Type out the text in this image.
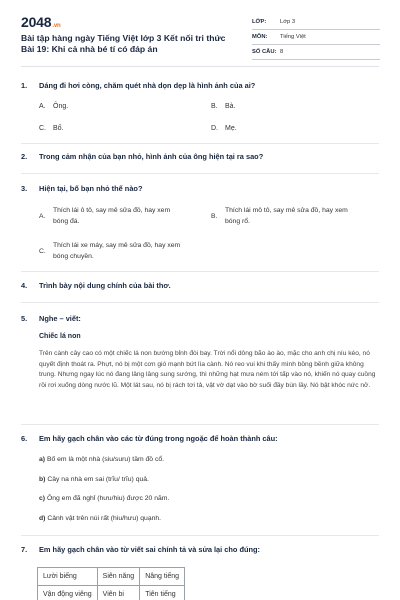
2048.vn
Bài tập hàng ngày Tiếng Việt lớp 3 Kết nối tri thức Bài 19: Khi cả nhà bé tí có đáp án
LỚP:	Lớp 3
MÔN:	Tiếng Việt
SỐ CÂU: 8
1.	Dáng đi hơi còng, chăm quét nhà dọn dẹp là hình ảnh của ai?
A. Ông.	B. Bà.
C. Bố.	D. Mẹ.
2.	Trong cảm nhận của bạn nhỏ, hình ảnh của ông hiện tại ra sao?
3.	Hiện tại, bố bạn nhỏ thế nào?
A.
Thích lái ô tô, say mê sửa đồ, hay xem
bóng đá.
B.
Thích lái mô tô, say mê sửa đồ, hay xem
bóng rổ.
C.
Thích lái xe máy, say mê sửa đồ, hay xem
bóng chuyền.
4.	Trình bày nội dung chính của bài thơ.
5.	Nghe – viết:
Chiếc lá non
Trên cành cây cao có một chiếc lá non bướng bỉnh đòi bay. Trời nổi dông bão ào ào, mặc cho anh chị níu kéo, nó quyết định thoát ra. Phựt, nó bị một cơn gió mạnh bứt lìa cành. Nó reo vui khi thấy mình bồng bềnh giữa không trung. Nhưng ngay lúc nó đang lâng lâng sung sướng, thì những hạt mưa ném tới tấp vào nó, khiến nó quay cuồng rồi rơi xuống dòng nước lũ. Một lát sau, nó bị rách tơi tả, vật vờ dạt vào bờ suối đầy bùn lầy. Nó bật khóc nức nở.
6.	Em hãy gạch chân vào các từ đúng trong ngoặc để hoàn thành câu:
a) Bố em là một nhà (siu/suru) tầm đồ cổ.
b) Cây na nhà em sai (trĩu/ trĩu) quả.
c) Ông em đã nghỉ (hưu/hiu) được 20 năm.
d) Cảnh vật trên núi rất (hiu/hưu) quạnh.
7.	Em hãy gạch chân vào từ viết sai chính tả và sửa lại cho đúng:
Lười biếng	Siên năng	Nâng tiếng
Vận động viêng	Viên bi	Tiên tiếng
